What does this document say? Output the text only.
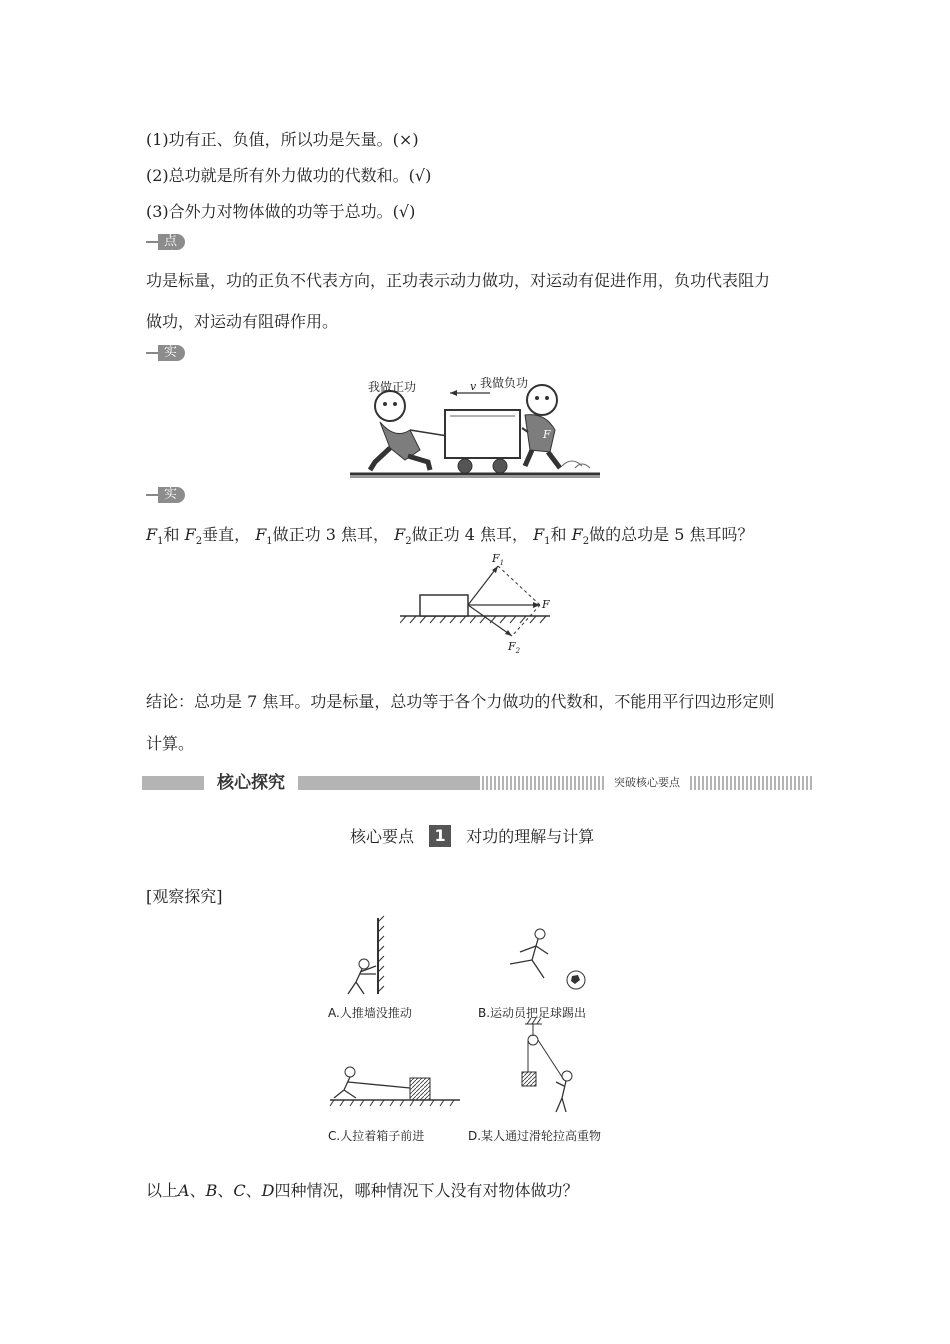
(1)功有正、负值，所以功是矢量。(×)
(2)总功就是所有外力做功的代数和。(√)
(3)合外力对物体做的功等于总功。(√)
点拨
功是标量，功的正负不代表方向，正功表示动力做功，对运动有促进作用，负功代表阻力
做功，对运动有阻碍作用。
实例
我做正功	v 我做负功
F
实例
$F_1$和 $F_2$垂直， $F_1$做正功 3 焦耳， $F_2$做正功 4 焦耳， $F_1$和 $F_2$做的总功是 5 焦耳吗？
$F_1$
F
$F_2$
结论：总功是 7 焦耳。功是标量，总功等于各个力做功的代数和，不能用平行四边形定则
计算。
核心探究	突破核心要点
核心要点 1 对功的理解与计算
[观察探究]
A.人推墙没推动	B.运动员把足球踢出
C.人拉着箱子前进	D.某人通过滑轮拉高重物
以上A、B、C、D四种情况，哪种情况下人没有对物体做功？
